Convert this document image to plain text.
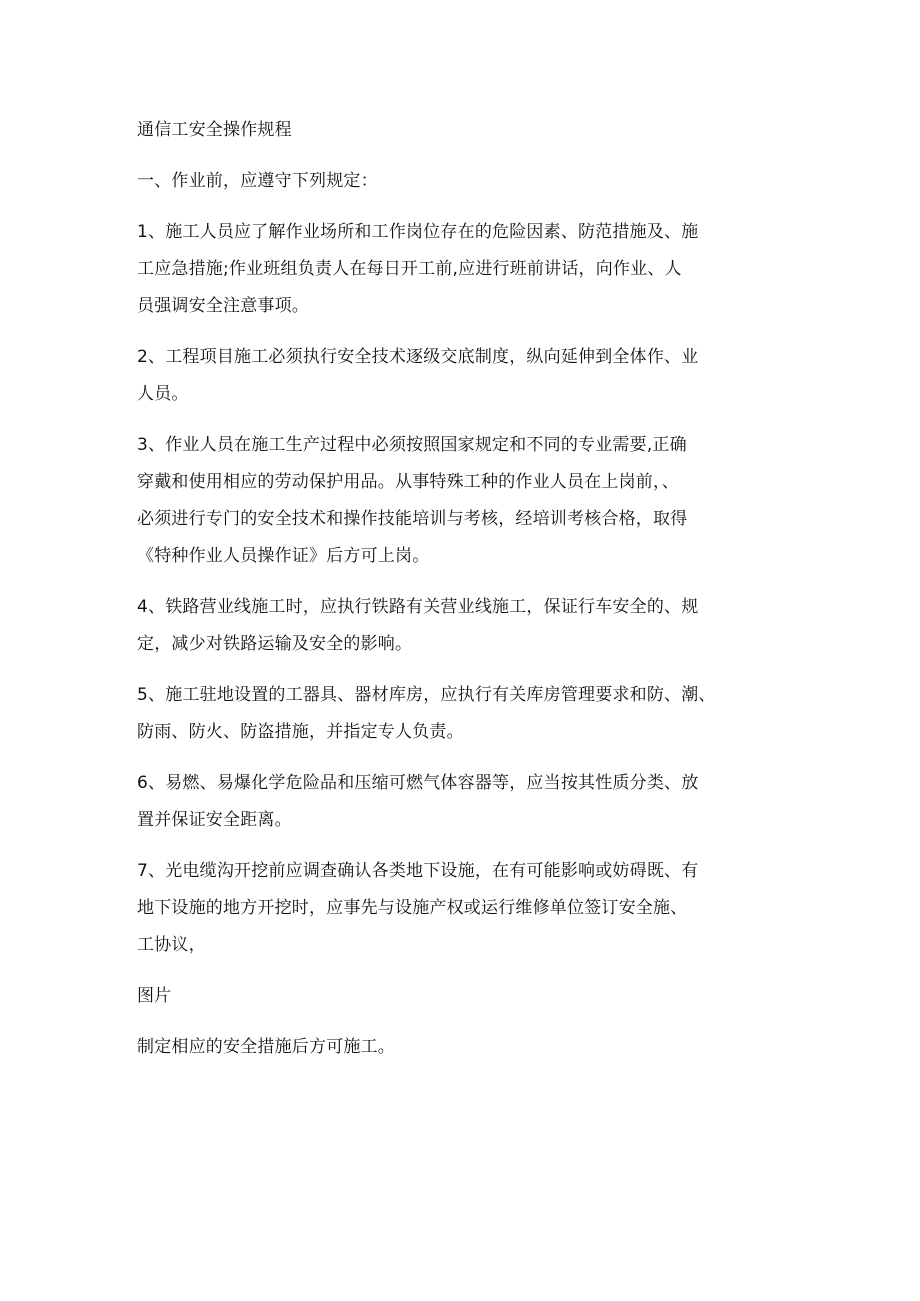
通信工安全操作规程

一、作业前，应遵守下列规定：

1、施工人员应了解作业场所和工作岗位存在的危险因素、防范措施及、施
工应急措施;作业班组负责人在每日开工前,应进行班前讲话，向作业、人
员强调安全注意事项。

2、工程项目施工必须执行安全技术逐级交底制度，纵向延伸到全体作、业
人员。

3、作业人员在施工生产过程中必须按照国家规定和不同的专业需要,正确
穿戴和使用相应的劳动保护用品。从事特殊工种的作业人员在上岗前，、
必须进行专门的安全技术和操作技能培训与考核，经培训考核合格，取得
《特种作业人员操作证》后方可上岗。

4、铁路营业线施工时，应执行铁路有关营业线施工，保证行车安全的、规
定，减少对铁路运输及安全的影响。

5、施工驻地设置的工器具、器材库房，应执行有关库房管理要求和防、潮、
防雨、防火、防盗措施，并指定专人负责。

6、易燃、易爆化学危险品和压缩可燃气体容器等，应当按其性质分类、放
置并保证安全距离。

7、光电缆沟开挖前应调查确认各类地下设施，在有可能影响或妨碍既、有
地下设施的地方开挖时，应事先与设施产权或运行维修单位签订安全施、
工协议，

图片

制定相应的安全措施后方可施工。
